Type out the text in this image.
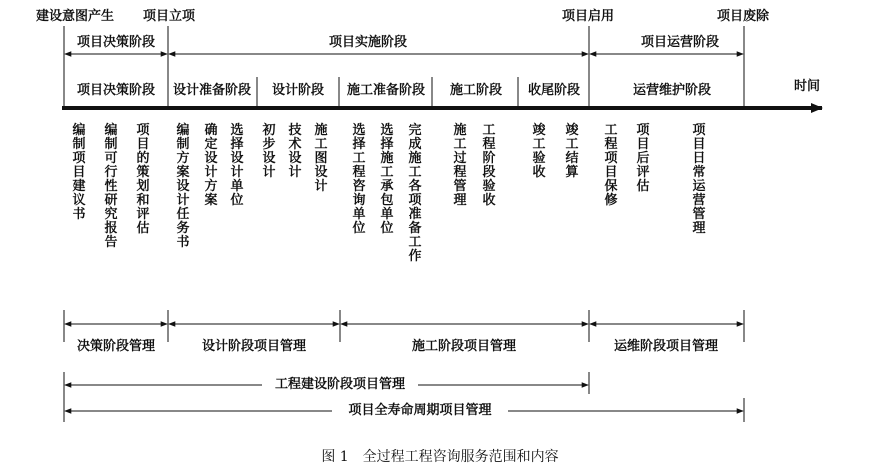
建设意图产生 项目立项	项目启用	项目废除
项目决策阶段	项目实施阶段	项目运营阶段
时间
项目决策阶段 设计准备阶段 设计阶段 施工准备阶段 施工阶段 收尾阶段	运营维护阶段
编制项目建议书
编制可行性研究报告
项目的策划和评估
编制方案设计任务书
确定设计方案
选择设计单位
初步设计
技术设计
施工图设计
选择工程咨询单位
选择施工承包单位
完成施工各项准备工作
施工过程管理
工程阶段验收
竣工验收
竣工结算
工程项目保修
项目后评估
项目日常运营管理
决策阶段管理	设计阶段项目管理	施工阶段项目管理	运维阶段项目管理
工程建设阶段项目管理
项目全寿命周期项目管理
图 1　全过程工程咨询服务范围和内容
